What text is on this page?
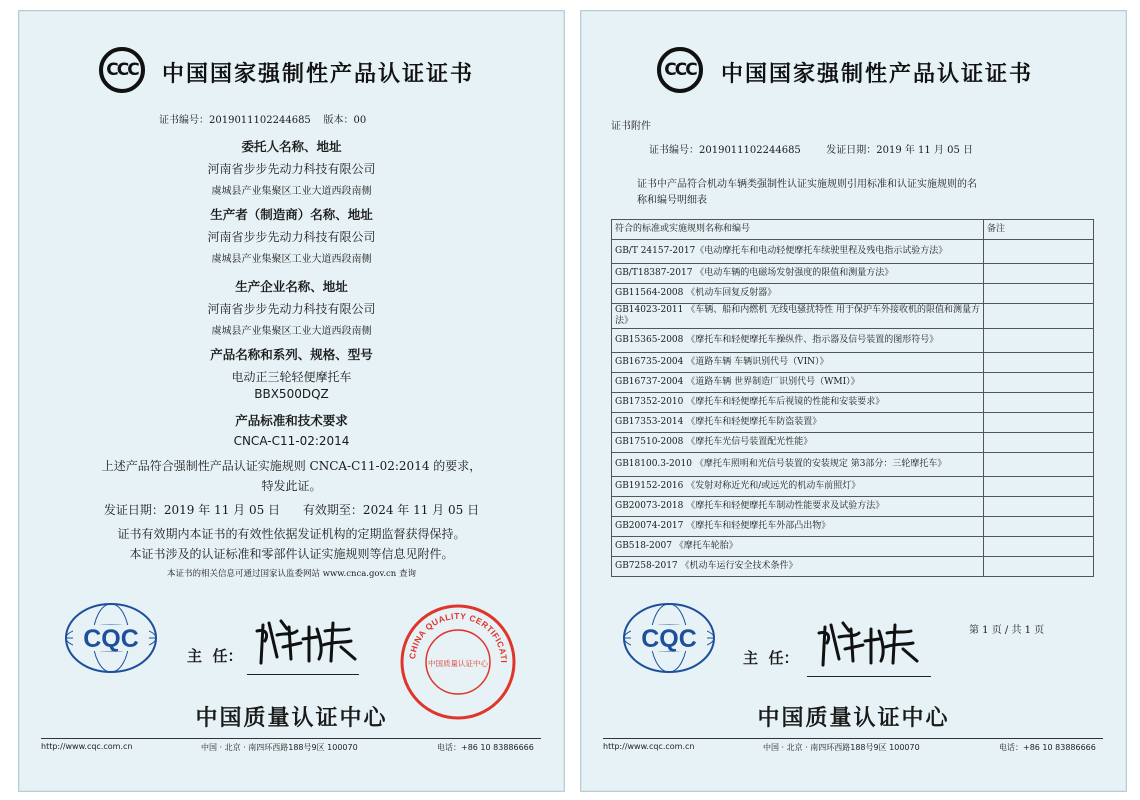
CCC 中国国家强制性产品认证证书
证书编号：2019011102244685    版本：00
委托人名称、地址
河南省步步先动力科技有限公司
虞城县产业集聚区工业大道西段南侧
生产者（制造商）名称、地址
河南省步步先动力科技有限公司
虞城县产业集聚区工业大道西段南侧
生产企业名称、地址
河南省步步先动力科技有限公司
虞城县产业集聚区工业大道西段南侧
产品名称和系列、规格、型号
电动正三轮轻便摩托车
BBX500DQZ
产品标准和技术要求
CNCA-C11-02:2014
上述产品符合强制性产品认证实施规则 CNCA-C11-02:2014 的要求，
特发此证。
发证日期：2019 年 11 月 05 日      有效期至：2024 年 11 月 05 日
证书有效期内本证书的有效性依据发证机构的定期监督获得保持。
本证书涉及的认证标准和零部件认证实施规则等信息见附件。
本证书的相关信息可通过国家认监委网站 www.cnca.gov.cn 查询
CQC
主  任：	CHINA QUALITY CERTIFICATI
中国质量认证中心
中国质量认证中心
http://www.cqc.com.cn	中国 · 北京 · 南四环西路188号9区 100070	电话：+86 10 83886666
CCC 中国国家强制性产品认证证书
证书附件
证书编号：2019011102244685        发证日期：2019 年 11 月 05 日
证书中产品符合机动车辆类强制性认证实施规则引用标准和认证实施规则的名
称和编号明细表
符合的标准或实施规则名称和编号	备注
GB/T 24157-2017《电动摩托车和电动轻便摩托车续驶里程及残电指示试验方法》	
GB/T18387-2017 《电动车辆的电磁场发射强度的限值和测量方法》	
GB11564-2008 《机动车回复反射器》	
GB14023-2011 《车辆、船和内燃机 无线电骚扰特性 用于保护车外接收机的限值和测量方法》	
GB15365-2008 《摩托车和轻便摩托车操纵件、指示器及信号装置的图形符号》	
GB16735-2004 《道路车辆 车辆识别代号（VIN）》	
GB16737-2004 《道路车辆 世界制造厂识别代号（WMI）》	
GB17352-2010 《摩托车和轻便摩托车后视镜的性能和安装要求》	
GB17353-2014 《摩托车和轻便摩托车防盗装置》	
GB17510-2008 《摩托车光信号装置配光性能》	
GB18100.3-2010 《摩托车照明和光信号装置的安装规定 第3部分：三轮摩托车》	
GB19152-2016 《发射对称近光和/或远光的机动车前照灯》	
GB20073-2018 《摩托车和轻便摩托车制动性能要求及试验方法》	
GB20074-2017 《摩托车和轻便摩托车外部凸出物》	
GB518-2007 《摩托车轮胎》	
GB7258-2017 《机动车运行安全技术条件》	
第 1 页 / 共 1 页
CQC
主  任：
中国质量认证中心
http://www.cqc.com.cn	中国 · 北京 · 南四环西路188号9区 100070	电话：+86 10 83886666
